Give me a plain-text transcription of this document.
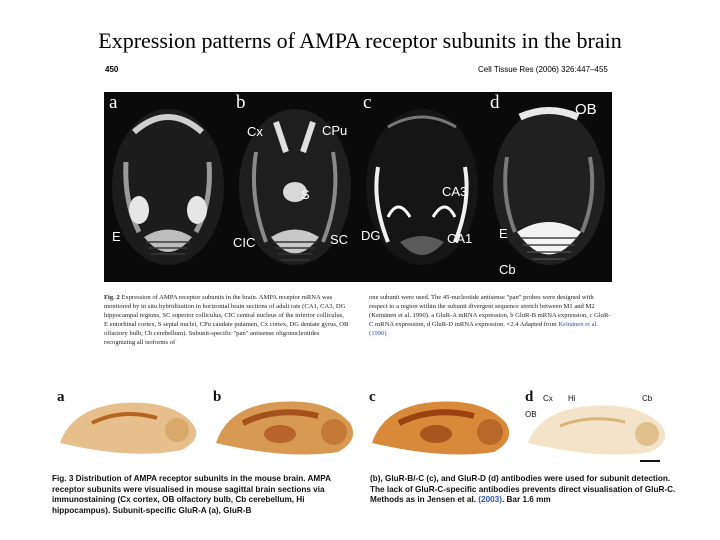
Expression patterns of AMPA receptor subunits in the brain
450	Cell Tissue Res (2006) 326:447–455
a
E
b
Cx	CPu
S
CIC	SC
c
CA3
DG	CA1
d	OB
E
Cb
Fig. 2 Expression of AMPA receptor subunits in the brain. AMPA receptor mRNA was monitored by in situ hybridization in horizontal brain sections of adult rats (CA1, CA3, DG hippocampal regions, SC superior colliculus, CIC central nucleus of the inferior colliculus, E entorhinal cortex, S septal nuclei, CPu caudate putamen, Cx cortex, DG dentate gyrus, OB olfactory bulb, Cb cerebellum). Subunit-specific "pan" antisense oligonucleotides recognizing all isoforms of
one subunit were used. The 45-nucleotide antisense "pan" probes were designed with respect to a region within the subunit divergent sequence stretch between M1 and M2 (Keinänen et al. 1990). a GluR-A mRNA expression, b GluR-B mRNA expression, c GluR-C mRNA expression, d GluR-D mRNA expression. ×2.4 Adapted from Keinänen et al. (1990)
a	b	c	d Cx Hi	Cb
OB
Fig. 3 Distribution of AMPA receptor subunits in the mouse brain. AMPA receptor subunits were visualised in mouse sagittal brain sections via immunostaining (Cx cortex, OB olfactory bulb, Cb cerebellum, Hi hippocampus). Subunit-specific GluR-A (a), GluR-B
(b), GluR-B/-C (c), and GluR-D (d) antibodies were used for subunit detection. The lack of GluR-C-specific antibodies prevents direct visualisation of GluR-C. Methods as in Jensen et al. (2003). Bar 1.6 mm
